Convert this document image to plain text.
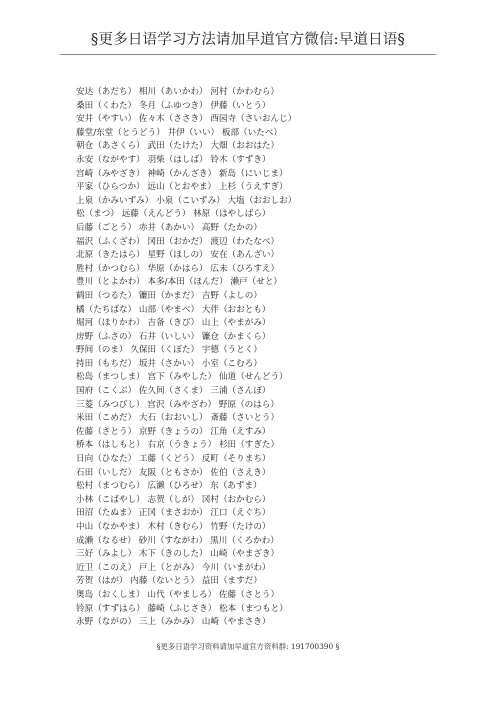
§更多日语学习方法请加早道官方微信:早道日语§
安达（あだち） 相川（あいかわ） 河村（かわむら）
桑田（くわた） 冬月（ふゆつき） 伊藤（いとう）
安井（やすい） 佐々木（ささき） 西园寺（さいおんじ）
藤堂/东堂（とうどう） 井伊（いい） 板部（いたべ）
朝仓（あさくら） 武田（たけた） 大畑（おおはた）
永安（ながやす） 羽柴（はしば） 铃木（すずき）
宫崎（みやざき） 神崎（かんざき） 新岛（にいじま）
平家（ひらつか） 远山（とおやま） 上杉（うえすぎ）
上泉（かみいずみ） 小泉（こいずみ） 大塩（おおしお）
松（まつ） 远藤（えんどう） 林原（はやしばら）
后藤（ごとう） 赤井（あかい） 高野（たかの）
福沢（ふくざわ） 冈田（おかだ） 渡辺（わたなべ）
北原（きたはら） 星野（ほしの） 安在（あんざい）
胜村（かつむら） 华原（かはら） 広末（ひろすえ）
豊川（とよかわ） 本多/本田（ほんだ） 濑戸（せと）
鹤田（つるた） 镰田（かまだ） 吉野（よしの）
橘（たちばな） 山部（やまべ） 大伴（おおとも）
堀河（ほりかわ） 吉备（きび） 山上（やまがみ）
房野（ふさの） 石井（いしい） 镰仓（かまくら）
野间（のま） 久保田（くぼた） 宇德（うとく）
持田（もちだ） 坂井（さかい） 小室（こむろ）
松岛（まつしま） 宫下（みやした） 仙道（せんどう）
国府（こくぶ） 佐久间（さくま） 三浦（さんぽ）
三菱（みつびし） 宫沢（みやざわ） 野原（のはら）
米田（こめだ） 大石（おおいし） 斎藤（さいとう）
佐藤（さとう） 京野（きょうの） 江角（えすみ）
桥本（はしもと） 右京（うきょう） 杉田（すぎた）
日向（ひなた） 工藤（くどう） 反町（そりまち）
石田（いしだ） 友阪（ともさか） 佐伯（さえき）
松村（まつむら） 広濑（ひろせ） 东（あずま）
小林（こばやし） 志贺（しが） 冈村（おかむら）
田沼（たぬま） 正冈（まさおか） 江口（えぐち）
中山（なかやま） 木村（きむら） 竹野（たけの）
成濑（なるせ） 砂川（すながわ） 黒川（くろかわ）
三好（みよし） 木下（きのした） 山崎（やまざき）
近卫（このえ） 戸上（とがみ） 今川（いまがわ）
芳贺（はが） 内藤（ないとう） 益田（ますだ）
奥岛（おくしま） 山代（やましろ） 佐藤（さとう）
铃原（すずはら） 藤崎（ふじさき） 松本（まつもと）
永野（ながの） 三上（みかみ） 山崎（やまさき）
§更多日语学习资料请加早道官方资料群: 191700390 §
